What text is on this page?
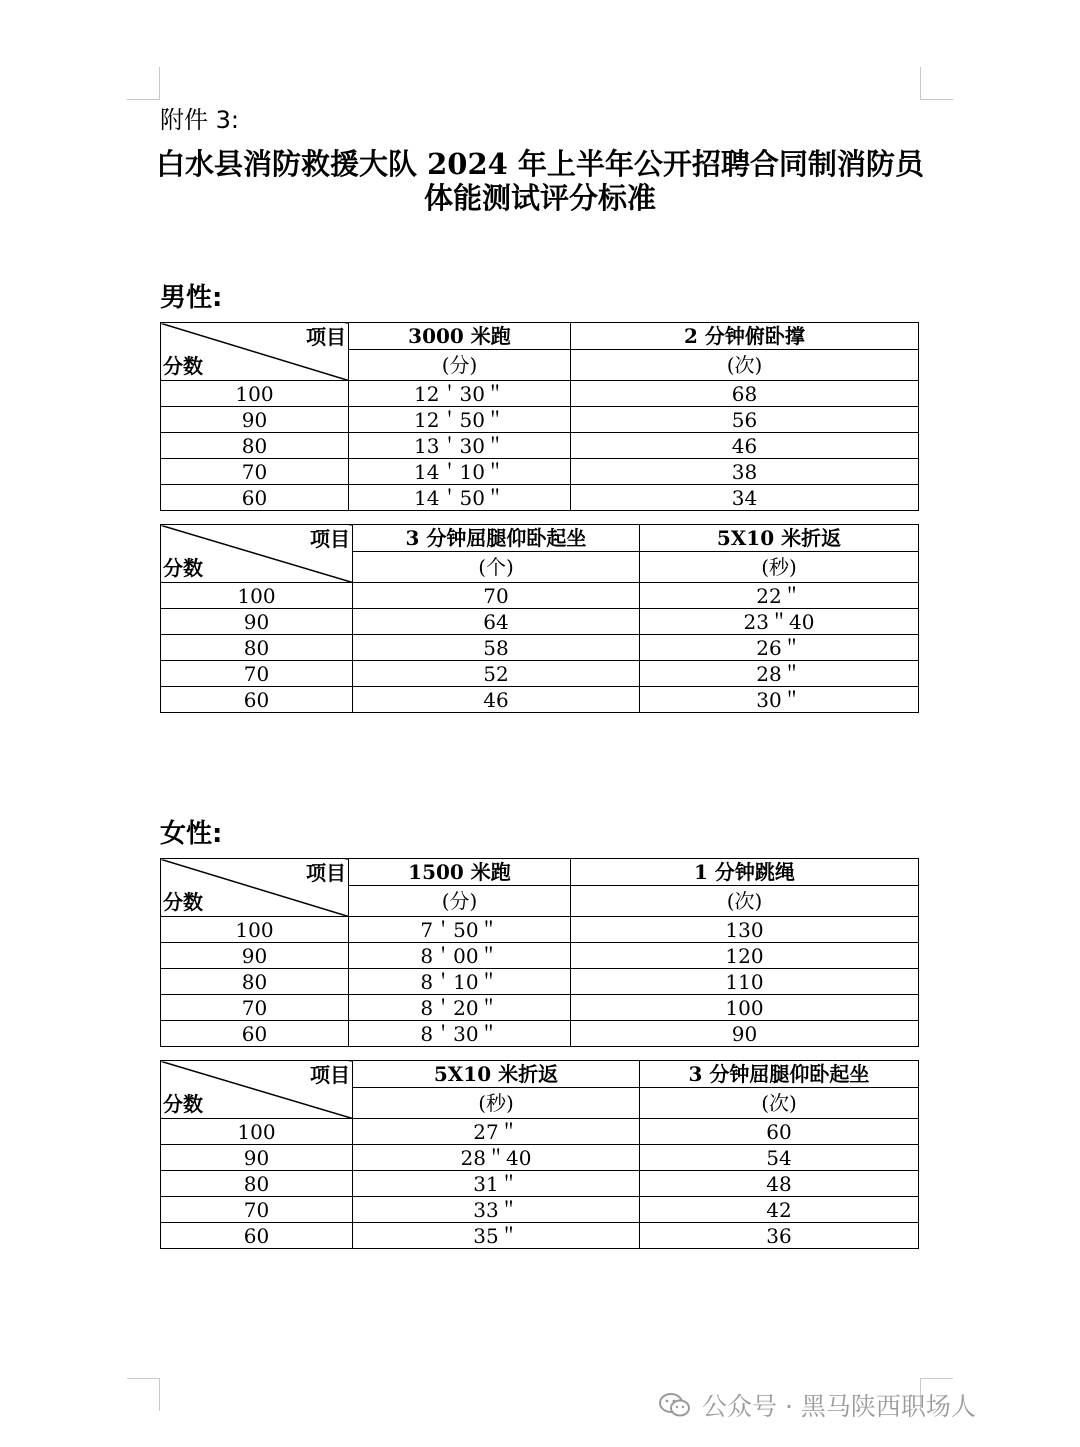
附件 3:
白水县消防救援大队 2024 年上半年公开招聘合同制消防员
体能测试评分标准
男性:
项目
分数	3000 米跑	2 分钟俯卧撑
	(分)	(次)
100	12＇30＂	68
90	12＇50＂	56
80	13＇30＂	46
70	14＇10＂	38
60	14＇50＂	34
项目
分数	3 分钟屈腿仰卧起坐	5X10 米折返
	(个)	(秒)
100	70	22＂
90	64	23＂40
80	58	26＂
70	52	28＂
60	46	30＂
女性:
项目
分数	1500 米跑	1 分钟跳绳
	(分)	(次)
100	7＇50＂	130
90	8＇00＂	120
80	8＇10＂	110
70	8＇20＂	100
60	8＇30＂	90
项目
分数	5X10 米折返	3 分钟屈腿仰卧起坐
	(秒)	(次)
100	27＂	60
90	28＂40	54
80	31＂	48
70	33＂	42
60	35＂	36
公众号 · 黑马陕西职场人
